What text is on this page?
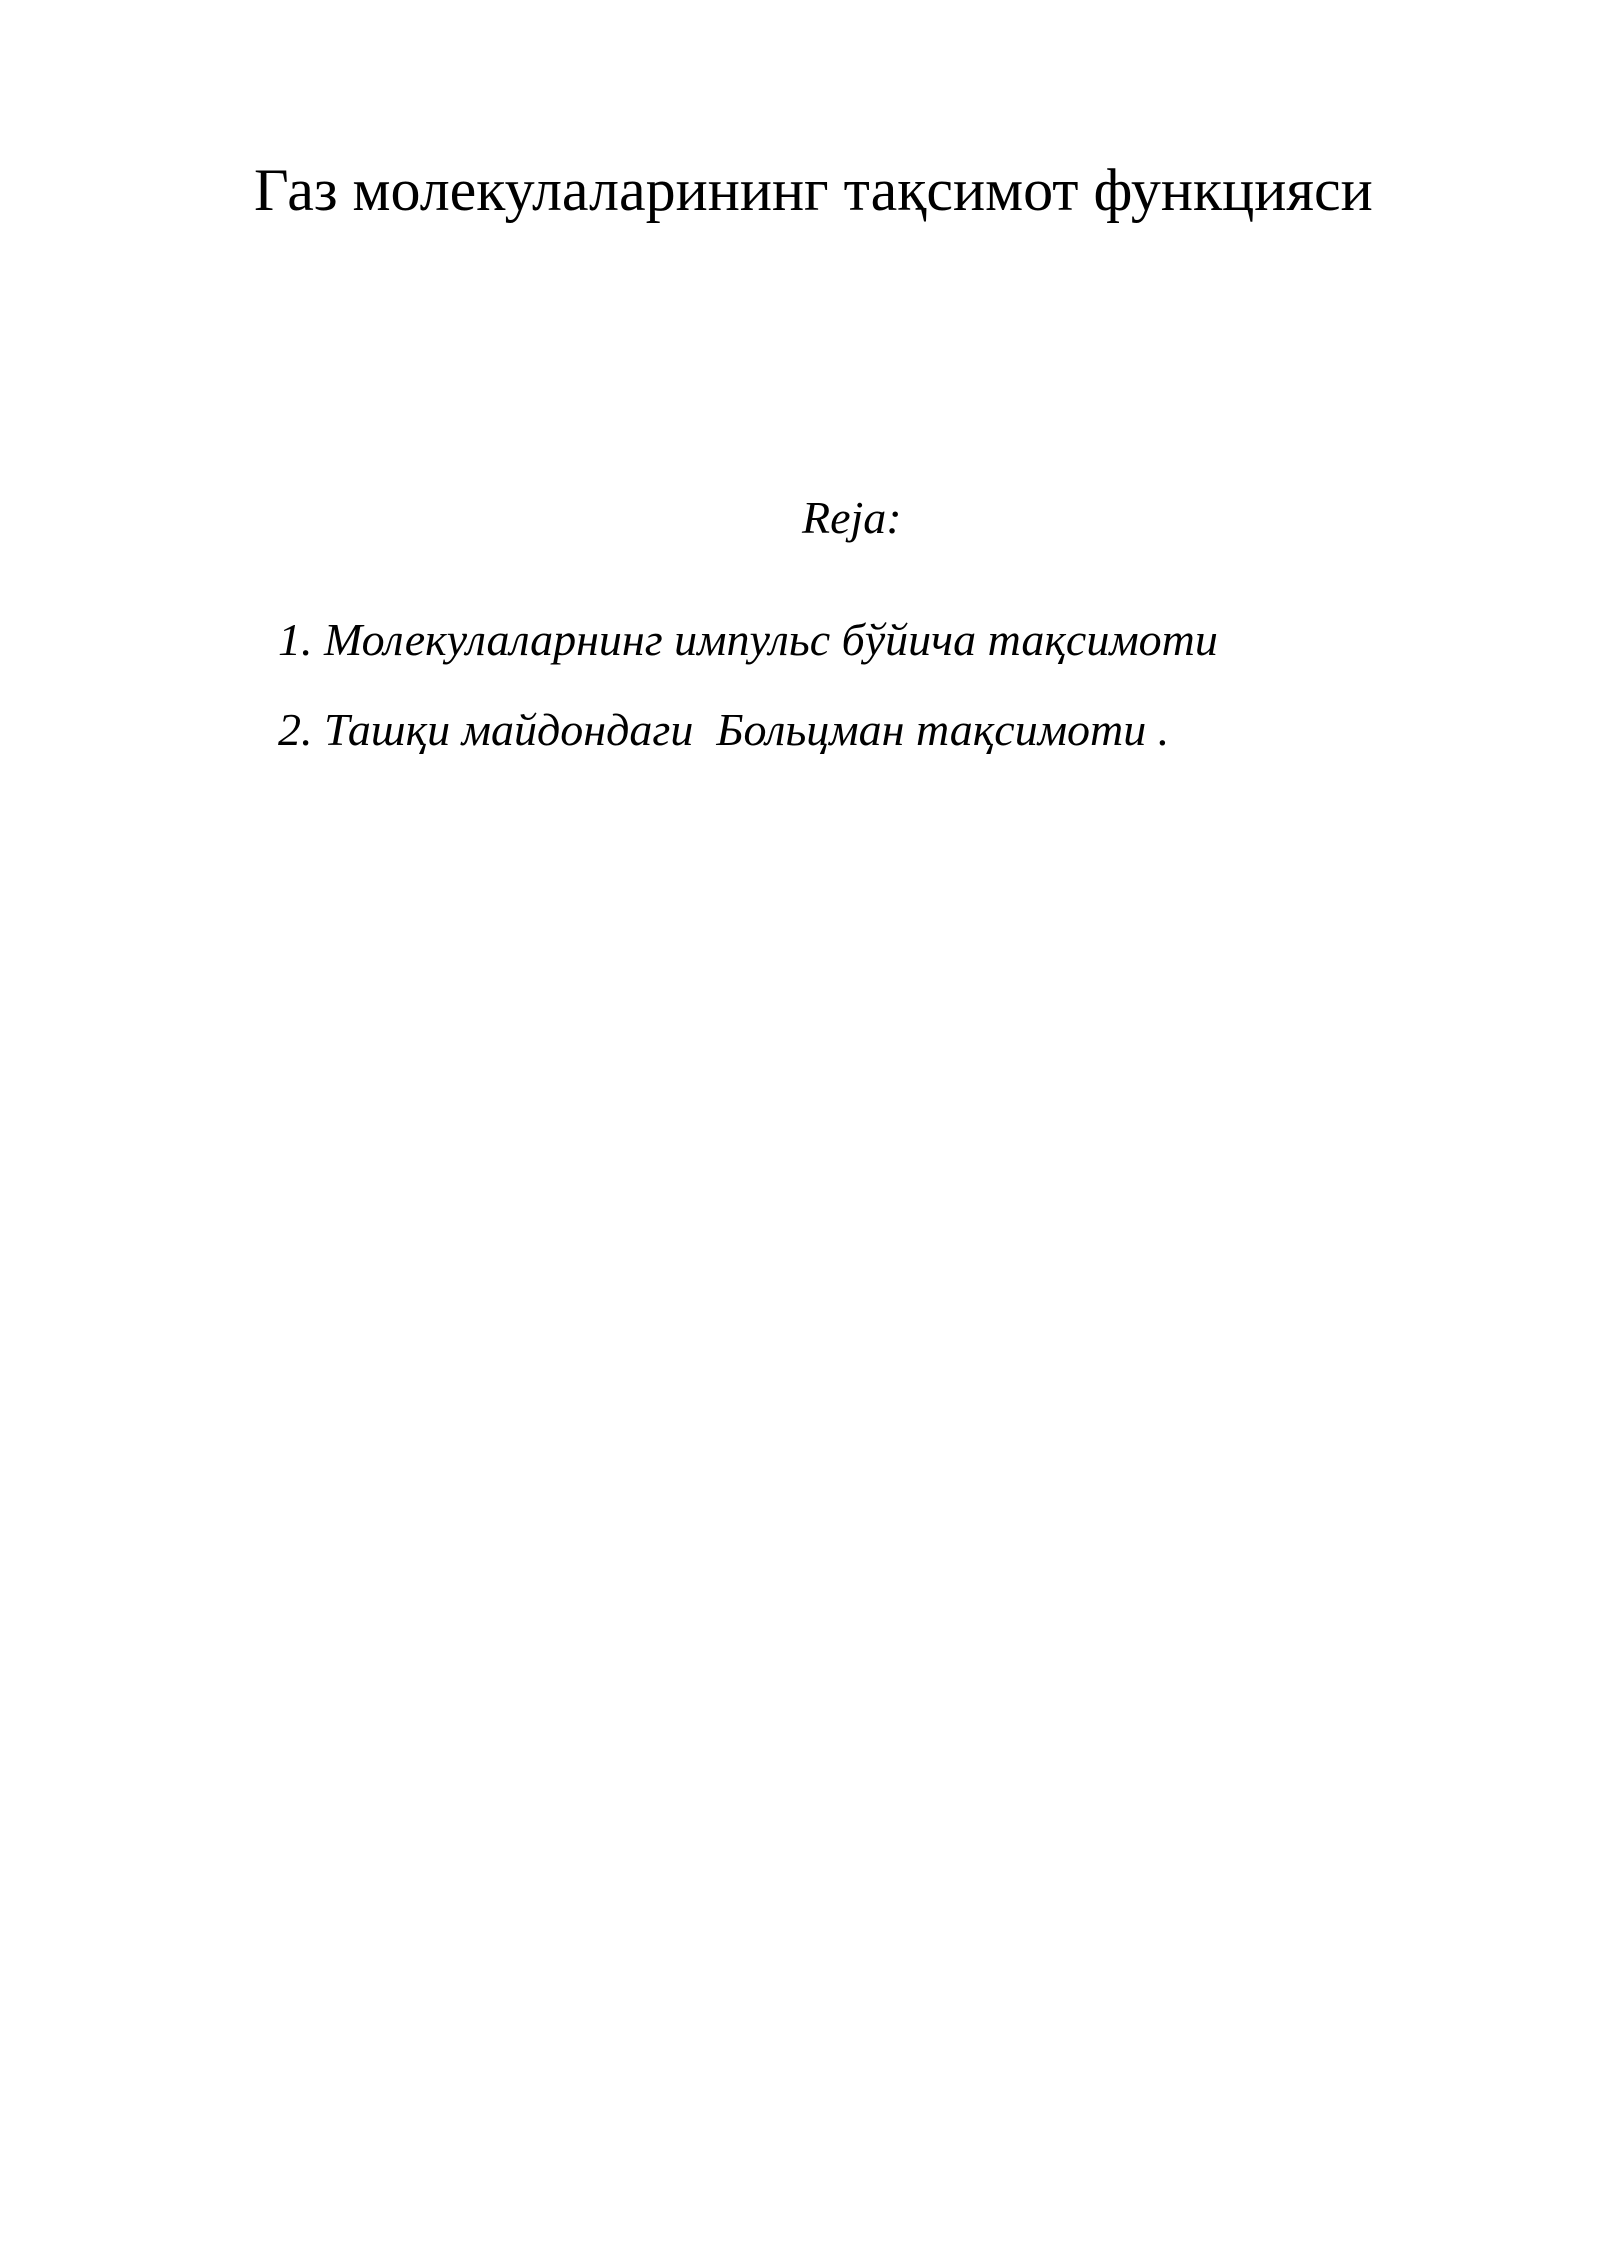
Газ молекулаларининг тақсимот функцияси
Reja:
1. Молекулаларнинг импульс бўйича тақсимоти
2. Ташқи майдондаги  Больцман тақсимоти .
